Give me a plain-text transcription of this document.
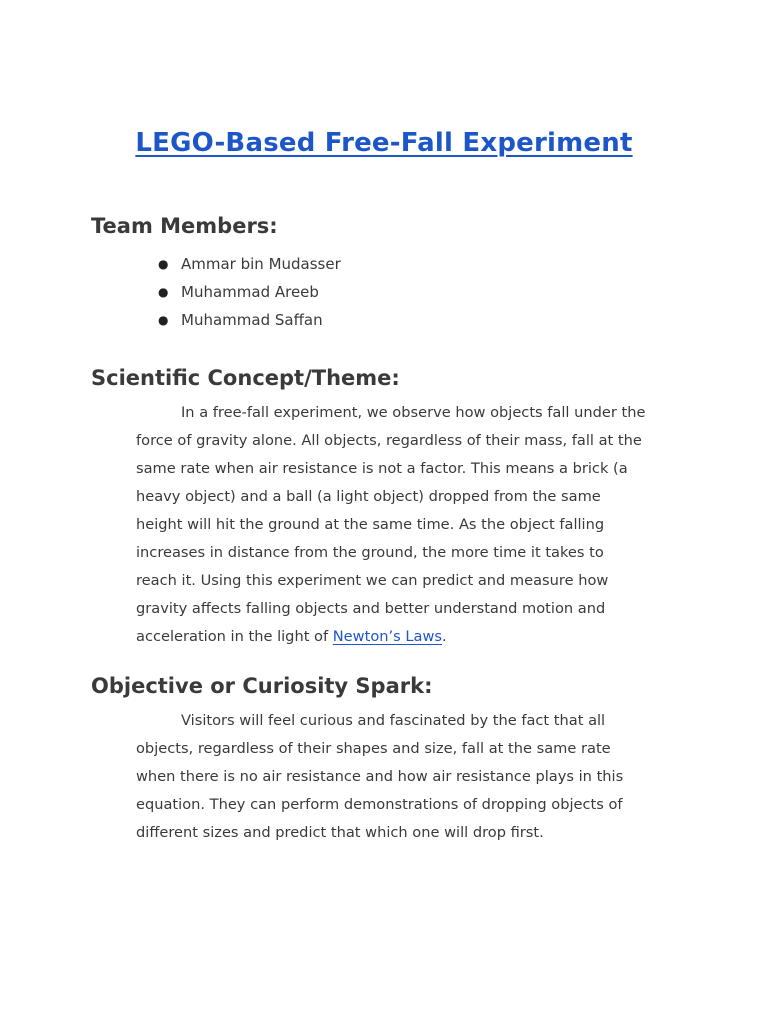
LEGO-Based Free-Fall Experiment
Team Members:
● Ammar bin Mudasser
● Muhammad Areeb
● Muhammad Saffan
Scientific Concept/Theme:

In a free-fall experiment, we observe how objects fall under the
force of gravity alone. All objects, regardless of their mass, fall at the
same rate when air resistance is not a factor. This means a brick (a
heavy object) and a ball (a light object) dropped from the same
height will hit the ground at the same time. As the object falling
increases in distance from the ground, the more time it takes to
reach it. Using this experiment we can predict and measure how
gravity affects falling objects and better understand motion and
acceleration in the light of Newton’s Laws.

Objective or Curiosity Spark:

Visitors will feel curious and fascinated by the fact that all
objects, regardless of their shapes and size, fall at the same rate
when there is no air resistance and how air resistance plays in this
equation. They can perform demonstrations of dropping objects of
different sizes and predict that which one will drop first.
